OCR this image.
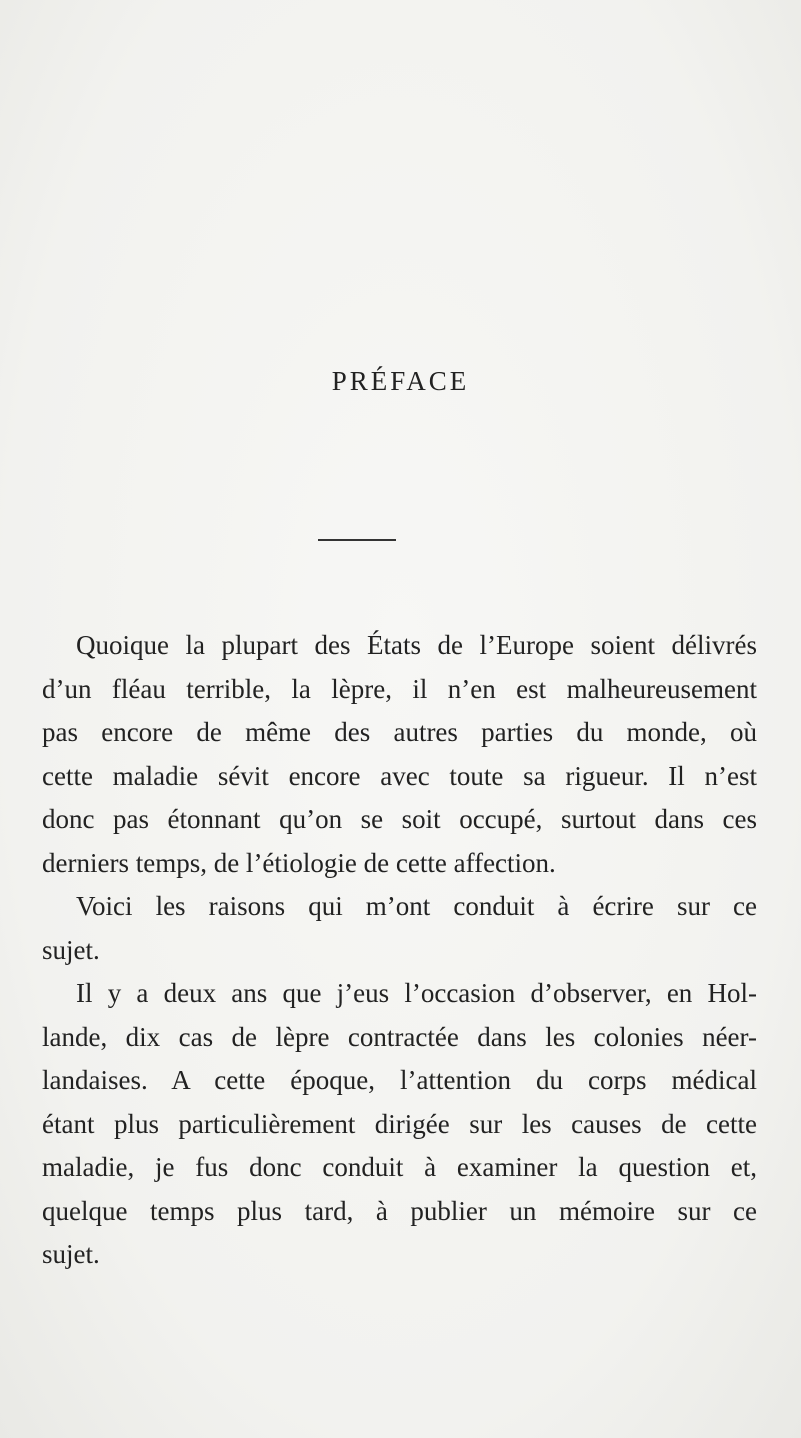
PRÉFACE
Quoique la plupart des États de l’Europe soient délivrés
d’un fléau terrible, la lèpre, il n’en est malheureusement
pas encore de même des autres parties du monde, où
cette maladie sévit encore avec toute sa rigueur. Il n’est
donc pas étonnant qu’on se soit occupé, surtout dans ces
derniers temps, de l’étiologie de cette affection.
Voici les raisons qui m’ont conduit à écrire sur ce
sujet.
Il y a deux ans que j’eus l’occasion d’observer, en Hol-
lande, dix cas de lèpre contractée dans les colonies néer-
landaises. A cette époque, l’attention du corps médical
étant plus particulièrement dirigée sur les causes de cette
maladie, je fus donc conduit à examiner la question et,
quelque temps plus tard, à publier un mémoire sur ce
sujet.
